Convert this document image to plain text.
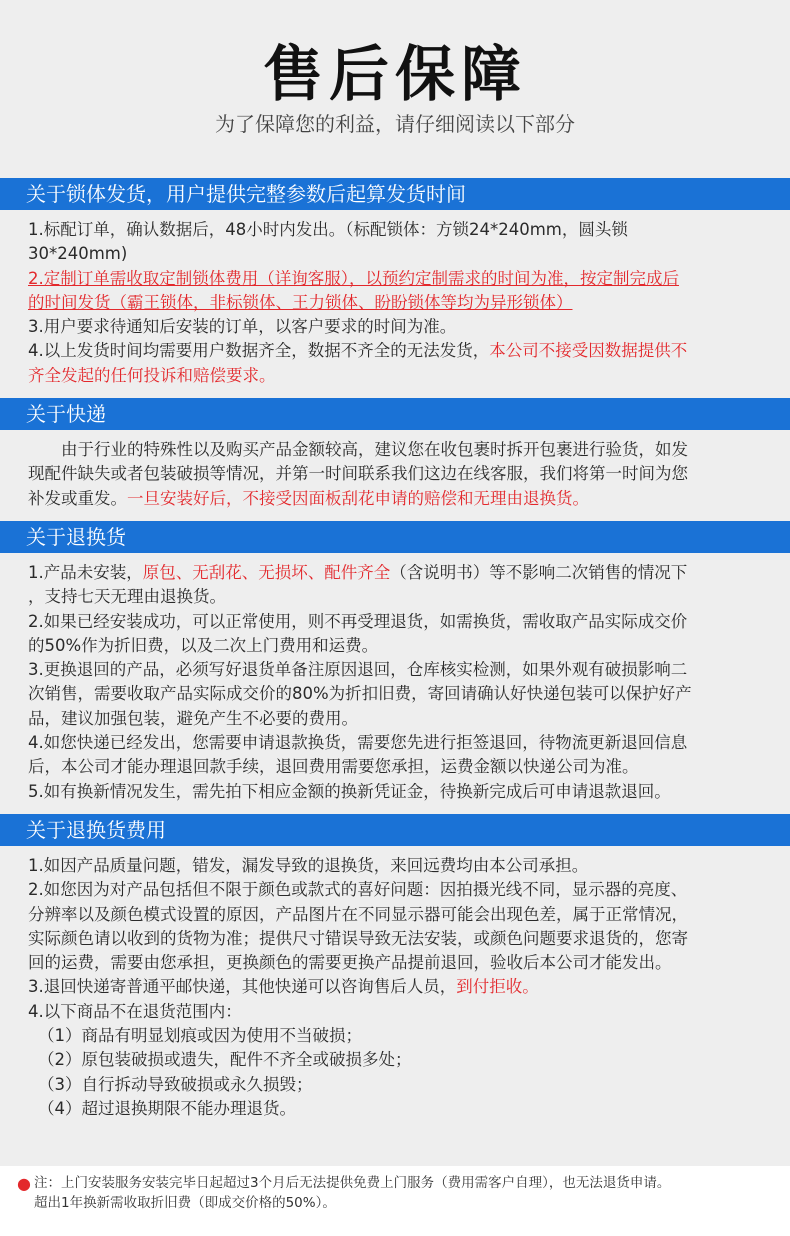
售后保障
为了保障您的利益，请仔细阅读以下部分
关于锁体发货，用户提供完整参数后起算发货时间
1.标配订单，确认数据后，48小时内发出。（标配锁体：方锁24*240mm，圆头锁
30*240mm)
2.定制订单需收取定制锁体费用（详询客服），以预约定制需求的时间为准，按定制完成后
的时间发货（霸王锁体，非标锁体、王力锁体、盼盼锁体等均为异形锁体）
3.用户要求待通知后安装的订单，以客户要求的时间为准。
4.以上发货时间均需要用户数据齐全，数据不齐全的无法发货，本公司不接受因数据提供不
齐全发起的任何投诉和赔偿要求。
关于快递
由于行业的特殊性以及购买产品金额较高，建议您在收包裹时拆开包裹进行验货，如发
现配件缺失或者包装破损等情况，并第一时间联系我们这边在线客服，我们将第一时间为您
补发或重发。一旦安装好后，不接受因面板刮花申请的赔偿和无理由退换货。
关于退换货
1.产品未安装，原包、无刮花、无损坏、配件齐全（含说明书）等不影响二次销售的情况下
，支持七天无理由退换货。
2.如果已经安装成功，可以正常使用，则不再受理退货，如需换货，需收取产品实际成交价
的50%作为折旧费，以及二次上门费用和运费。
3.更换退回的产品，必须写好退货单备注原因退回，仓库核实检测，如果外观有破损影响二
次销售，需要收取产品实际成交价的80%为折扣旧费，寄回请确认好快递包装可以保护好产
品，建议加强包装，避免产生不必要的费用。
4.如您快递已经发出，您需要申请退款换货，需要您先进行拒签退回，待物流更新退回信息
后，本公司才能办理退回款手续，退回费用需要您承担，运费金额以快递公司为准。
5.如有换新情况发生，需先拍下相应金额的换新凭证金，待换新完成后可申请退款退回。
关于退换货费用
1.如因产品质量问题，错发，漏发导致的退换货，来回远费均由本公司承担。
2.如您因为对产品包括但不限于颜色或款式的喜好问题：因拍摄光线不同，显示器的亮度、
分辨率以及颜色模式设置的原因，产品图片在不同显示器可能会出现色差，属于正常情况，
实际颜色请以收到的货物为准；提供尺寸错误导致无法安装，或颜色问题要求退货的，您寄
回的运费，需要由您承担，更换颜色的需要更换产品提前退回，验收后本公司才能发出。
3.退回快递寄普通平邮快递，其他快递可以咨询售后人员，到付拒收。
4.以下商品不在退货范围内：
（1）商品有明显划痕或因为使用不当破损；
（2）原包装破损或遗失，配件不齐全或破损多处；
（3）自行拆动导致破损或永久损毁；
（4）超过退换期限不能办理退货。
● 注：上门安装服务安装完毕日起超过3个月后无法提供免费上门服务（费用需客户自理），也无法退货申请。
超出1年换新需收取折旧费（即成交价格的50%）。
